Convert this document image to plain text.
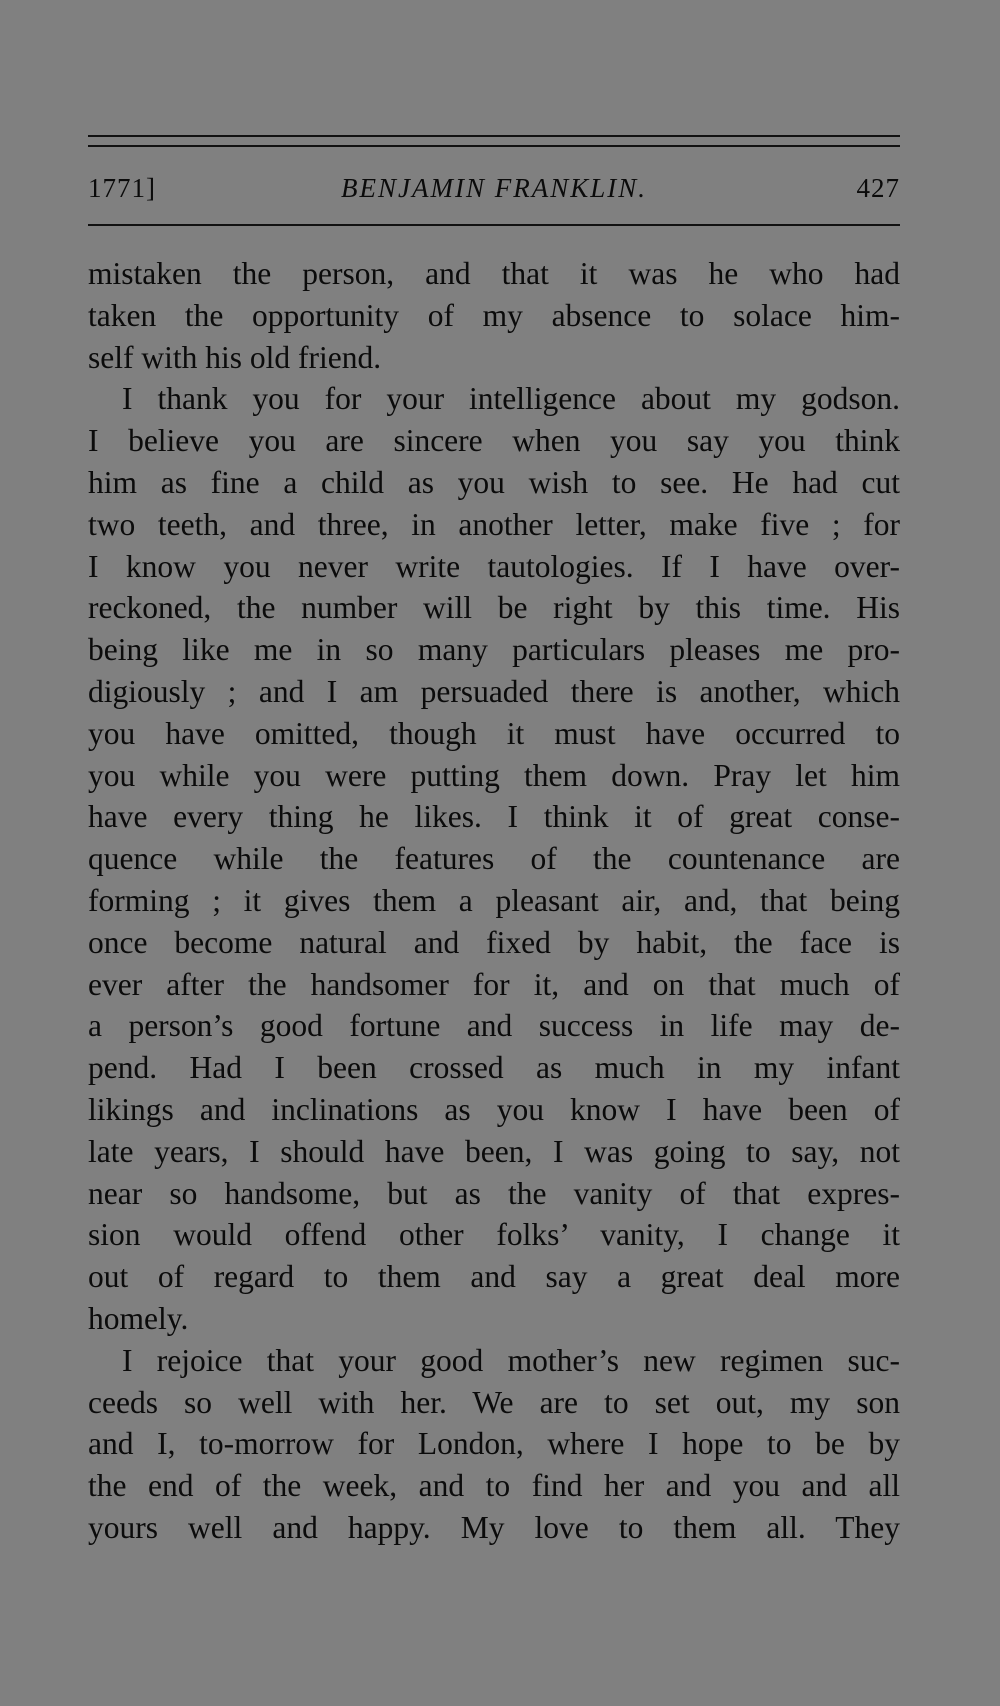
1771]	BENJAMIN FRANKLIN.	427
mistaken the person, and that it was he who had
taken the opportunity of my absence to solace him-
self with his old friend.
I thank you for your intelligence about my godson.
I believe you are sincere when you say you think
him as fine a child as you wish to see. He had cut
two teeth, and three, in another letter, make five ; for
I know you never write tautologies. If I have over-
reckoned, the number will be right by this time. His
being like me in so many particulars pleases me pro-
digiously ; and I am persuaded there is another, which
you have omitted, though it must have occurred to
you while you were putting them down. Pray let him
have every thing he likes. I think it of great conse-
quence while the features of the countenance are
forming ; it gives them a pleasant air, and, that being
once become natural and fixed by habit, the face is
ever after the handsomer for it, and on that much of
a person’s good fortune and success in life may de-
pend. Had I been crossed as much in my infant
likings and inclinations as you know I have been of
late years, I should have been, I was going to say, not
near so handsome, but as the vanity of that expres-
sion would offend other folks’ vanity, I change it
out of regard to them and say a great deal more
homely.
I rejoice that your good mother’s new regimen suc-
ceeds so well with her. We are to set out, my son
and I, to-morrow for London, where I hope to be by
the end of the week, and to find her and you and all
yours well and happy. My love to them all. They
